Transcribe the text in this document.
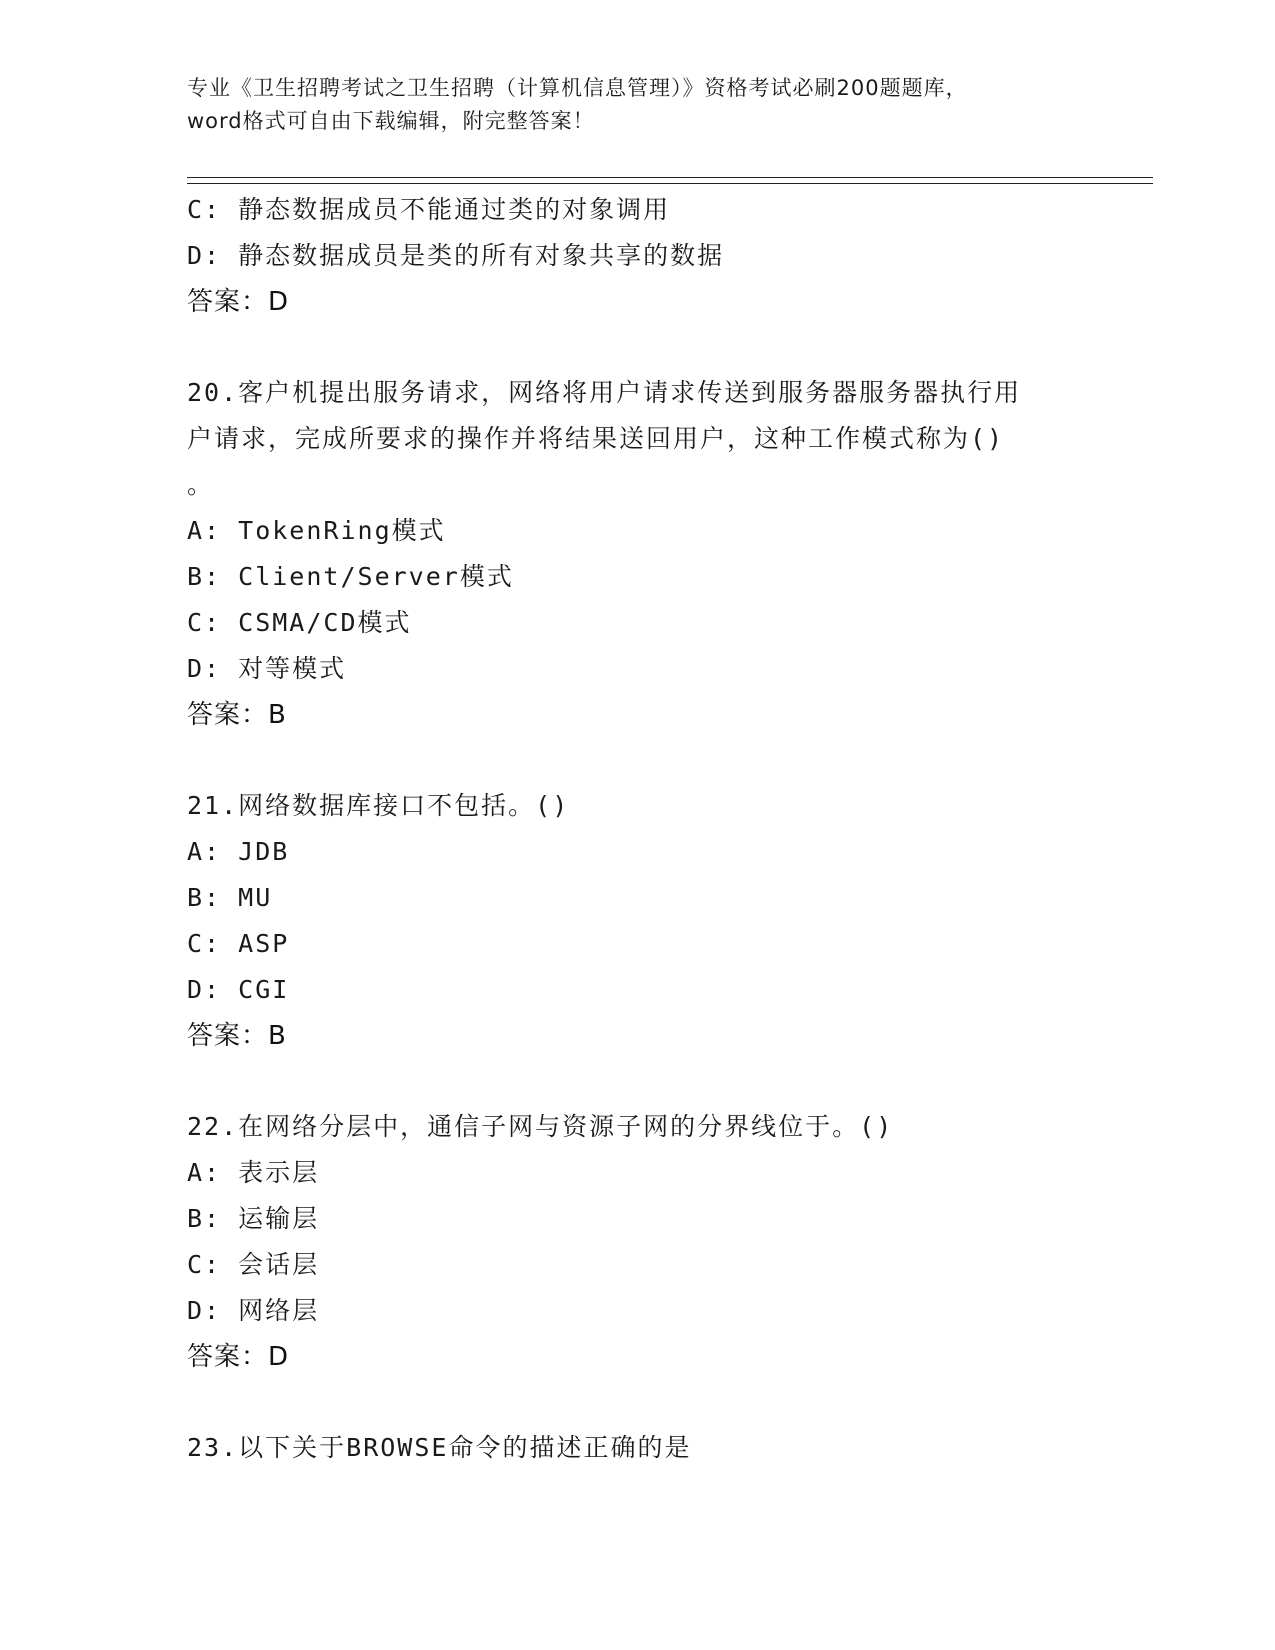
专业《卫生招聘考试之卫生招聘（计算机信息管理）》资格考试必刷200题题库，
word格式可自由下载编辑，附完整答案！
C: 静态数据成员不能通过类的对象调用
D: 静态数据成员是类的所有对象共享的数据
答案：D
20.客户机提出服务请求，网络将用户请求传送到服务器服务器执行用
户请求，完成所要求的操作并将结果送回用户，这种工作模式称为()
。
A: TokenRing模式
B: Client/Server模式
C: CSMA/CD模式
D: 对等模式
答案：B
21.网络数据库接口不包括。()
A: JDB
B: MU
C: ASP
D: CGI
答案：B
22.在网络分层中，通信子网与资源子网的分界线位于。()
A: 表示层
B: 运输层
C: 会话层
D: 网络层
答案：D
23.以下关于BROWSE命令的描述正确的是
